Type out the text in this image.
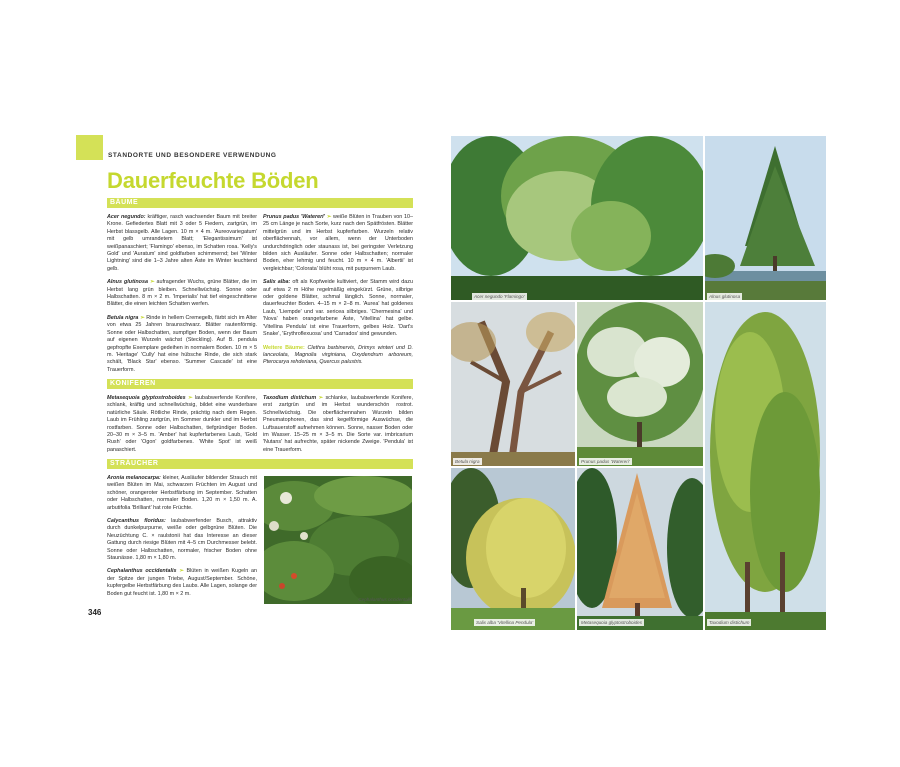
STANDORTE UND BESONDERE VERWENDUNG
Dauerfeuchte Böden
BÄUME

Acer negundo: kräftiger, rasch wachsender Baum mit breiter Krone. Gefiedertes Blatt mit 3 oder 5 Fiedern, zartgrün, im Herbst blassgelb. Alle Lagen. 10 m × 4 m. 'Aureovariegatum' mit gelb umrandetem Blatt; 'Elegantissimum' ist weißpanaschiert; 'Flamingo' ebenso, im Schatten rosa. 'Kelly's Gold' und 'Auratum' sind goldfarben schimmernd; bei 'Winter Lightning' sind die 1–3 Jahre alten Äste im Winter leuchtend gelb.

Alnus glutinosa ➢ aufragender Wuchs, grüne Blätter, die im Herbst lang grün bleiben. Schnellwüchsig. Sonne oder Halbschatten. 8 m × 2 m. 'Imperialis' hat tief eingeschnittene Blätter, die einen leichten Schatten werfen.

Betula nigra ➢ Rinde in hellem Cremegelb, färbt sich im Alter von etwa 25 Jahren braunschwarz. Blätter rautenförmig. Sonne oder Halbschatten, sumpfiger Boden, wenn der Baum auf eigenen Wurzeln wächst (Steckling). Auf B. pendula gepfropfte Exemplare gedeihen in normalem Boden. 10 m × 5 m. 'Heritage' 'Cully' hat eine hübsche Rinde, die sich stark schält, 'Black Star' ebenso. 'Summer Cascade' ist eine Trauerform.

Prunus padus 'Watereri' ➢ weiße Blüten in Trauben von 10–25 cm Länge je nach Sorte, kurz nach den Spätfrösten. Blätter mittelgrün und im Herbst kupferfarben. Wurzeln relativ oberflächennah, vor allem, wenn der Unterboden undurchdringlich oder staunass ist, bei geringster Verletzung bilden sich Ausläufer. Sonne oder Halbschatten; normaler Boden, eher lehmig und feucht. 10 m × 4 m. 'Albertii' ist vergleichbar; 'Colorata' blüht rosa, mit purpurnem Laub.

Salix alba: oft als Kopfweide kultiviert, der Stamm wird dazu auf etwa 2 m Höhe regelmäßig eingekürzt. Grüne, silbrige oder goldene Blätter, schmal länglich. Sonne, normaler, dauerfeuchter Boden. 4–15 m × 2–8 m. 'Aurea' hat goldenes Laub, 'Liempde' und var. sericea silbriges. 'Chermesina' und 'Nova' haben orangefarbene Äste, 'Vitellina' hat gelbe. 'Vitellina Pendula' ist eine Trauerform, gelbes Holz. 'Dart's Snake', 'Erythroflexuosa' und 'Carrados' sind gewunden.

Weitere Bäume: Clethra barbinervis, Drimys winteri und D. lanceolata, Magnolia virginiana, Oxydendrum arboreum, Pterocarya rehderiana, Quercus palustris.

KONIFEREN

Metasequoia glyptostroboides ➢ laubabwerfende Konifere, schlank, kräftig und schnellwüchsig, bildet eine wunderbare natürliche Säule. Rötliche Rinde, prächtig nach dem Regen. Laub im Frühling zartgrün, im Sommer dunkler und im Herbst rostfarben. Sonne oder Halbschatten, tiefgründiger Boden. 20–30 m × 3–5 m. 'Amber' hat kupferfarbenes Laub, 'Gold Rush' oder 'Ogon' goldfarbenes. 'White Spot' ist weiß panaschiert.

Taxodium distichum ➢ schlanke, laubabwerfende Konifere, erst zartgrün und im Herbst wunderschön rostrot. Schnellwüchsig. Die oberflächennahen Wurzeln bilden Pneumatophoren, das sind kegelförmige Auswüchse, die Luftsauerstoff aufnehmen können. Sonne, nasser Boden oder im Wasser. 15–25 m × 3–5 m. Die Sorte var. imbricarium 'Nutans' hat aufrechte, später nickende Zweige. 'Pendula' ist eine Trauerform.

STRÄUCHER

Aronia melanocarpa: kleiner, Ausläufer bildender Strauch mit weißen Blüten im Mai, schwarzen Früchten im August und schöner, orangeroter Herbstfärbung im September. Schatten oder Halbschatten, normaler Boden. 1,20 m × 1,50 m. A. arbutifolia 'Brilliant' hat rote Früchte.

Calycanthus floridus: laubabwerfender Busch, attraktiv durch dunkelpurpurne, weiße oder gelbgrüne Blüten. Die Neuzüchtung C. × raulstonii hat das Interesse an dieser Gattung durch riesige Blüten mit 4–5 cm Durchmesser belebt. Sonne oder Halbschatten, normaler, frischer Boden ohne Staunässe. 1,80 m × 1,80 m.

Cephalanthus occidentalis ➢ Blüten in weißen Kugeln an der Spitze der jungen Triebe, August/September. Schöne, kupfergelbe Herbstfärbung des Laubs. Alle Lagen, solange der Boden gut feucht ist. 1,80 m × 2 m.

Cephalanthus occidentalis
346
Acer negundo 'Flamingo'	Alnus glutinosa
Betula nigra	Prunus padus 'Watereri'
Salix alba 'Vitellina Pendula'	Metasequoia glyptostroboides	Taxodium distichum
